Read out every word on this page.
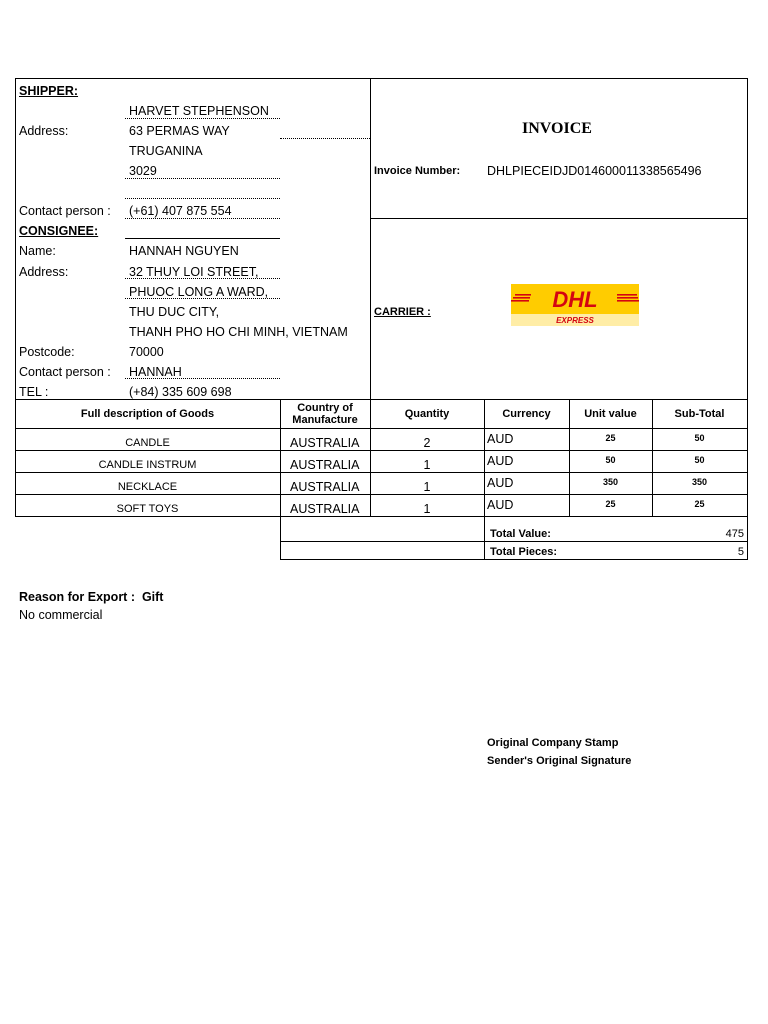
SHIPPER:
HARVET STEPHENSON
Address:	63 PERMAS WAY
TRUGANINA
3029
Contact person : (+61) 407 875 554
INVOICE
Invoice Number: DHLPIECEIDJD014600011338565496
CONSIGNEE:
Name:	HANNAH NGUYEN
Address:	32 THUY LOI STREET,
PHUOC LONG A WARD,
THU DUC CITY,
THANH PHO HO CHI MINH, VIETNAM
Postcode:	70000
Contact person : HANNAH
TEL :	(+84) 335 609 698
CARRIER :	DHL
EXPRESS
Full description of Goods	Country of Manufacture	Quantity	Currency	Unit value	Sub-Total
CANDLE	AUSTRALIA	2	AUD	25	50
CANDLE INSTRUM	AUSTRALIA	1	AUD	50	50
NECKLACE	AUSTRALIA	1	AUD	350	350
SOFT TOYS	AUSTRALIA	1	AUD	25	25
Total Value:	475
Total Pieces:	5
Reason for Export : Gift
No commercial
Original Company Stamp
Sender's Original Signature
